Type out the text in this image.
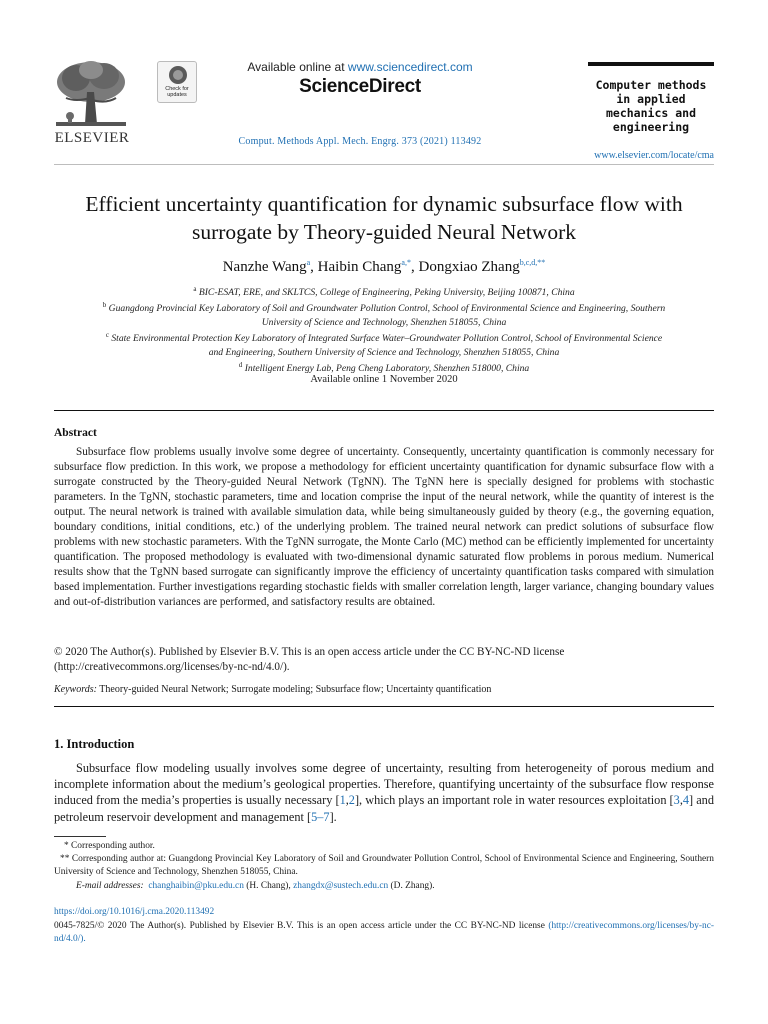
ELSEVIER
Check for updates
Available online at www.sciencedirect.com
ScienceDirect
Comput. Methods Appl. Mech. Engrg. 373 (2021) 113492
Computer methods
in applied
mechanics and
engineering
www.elsevier.com/locate/cma
Efficient uncertainty quantification for dynamic subsurface flow with
surrogate by Theory-guided Neural Network
Nanzhe Wang$^a$, Haibin Chang$^{a,*}$, Dongxiao Zhang$^{b,c,d,**}$
$^a$ BIC-ESAT, ERE, and SKLTCS, College of Engineering, Peking University, Beijing 100871, China
$^b$ Guangdong Provincial Key Laboratory of Soil and Groundwater Pollution Control, School of Environmental Science and Engineering, Southern
University of Science and Technology, Shenzhen 518055, China
$^c$ State Environmental Protection Key Laboratory of Integrated Surface Water–Groundwater Pollution Control, School of Environmental Science
and Engineering, Southern University of Science and Technology, Shenzhen 518055, China
$^d$ Intelligent Energy Lab, Peng Cheng Laboratory, Shenzhen 518000, China
Available online 1 November 2020
Abstract

Subsurface flow problems usually involve some degree of uncertainty. Consequently, uncertainty quantification is commonly necessary for subsurface flow prediction. In this work, we propose a methodology for efficient uncertainty quantification for dynamic subsurface flow with a surrogate constructed by the Theory-guided Neural Network (TgNN). The TgNN here is specially designed for problems with stochastic parameters. In the TgNN, stochastic parameters, time and location comprise the input of the neural network, while the quantity of interest is the output. The neural network is trained with available simulation data, while being simultaneously guided by theory (e.g., the governing equation, boundary conditions, initial conditions, etc.) of the underlying problem. The trained neural network can predict solutions of subsurface flow problems with new stochastic parameters. With the TgNN surrogate, the Monte Carlo (MC) method can be efficiently implemented for uncertainty quantification. The proposed methodology is evaluated with two-dimensional dynamic saturated flow problems in porous medium. Numerical results show that the TgNN based surrogate can significantly improve the efficiency of uncertainty quantification tasks compared with simulation based implementation. Further investigations regarding stochastic fields with smaller correlation length, larger variance, changing boundary values and out-of-distribution variances are performed, and satisfactory results are obtained.

© 2020 The Author(s). Published by Elsevier B.V. This is an open access article under the CC BY-NC-ND license
(http://creativecommons.org/licenses/by-nc-nd/4.0/).
Keywords: Theory-guided Neural Network; Surrogate modeling; Subsurface flow; Uncertainty quantification
1. Introduction
Subsurface flow modeling usually involves some degree of uncertainty, resulting from heterogeneity of porous medium and incomplete information about the medium’s geological properties. Therefore, quantifying uncertainty of the subsurface flow response induced from the media’s properties is usually necessary [1,2], which plays an important role in water resources exploitation [3,4] and petroleum reservoir development and management [5–7].
* Corresponding author.
** Corresponding author at: Guangdong Provincial Key Laboratory of Soil and Groundwater Pollution Control, School of Environmental Science and Engineering, Southern University of Science and Technology, Shenzhen 518055, China.
E-mail addresses: changhaibin@pku.edu.cn (H. Chang), zhangdx@sustech.edu.cn (D. Zhang).
https://doi.org/10.1016/j.cma.2020.113492
0045-7825/© 2020 The Author(s). Published by Elsevier B.V. This is an open access article under the CC BY-NC-ND license (http://creativecommons.org/licenses/by-nc-nd/4.0/).
